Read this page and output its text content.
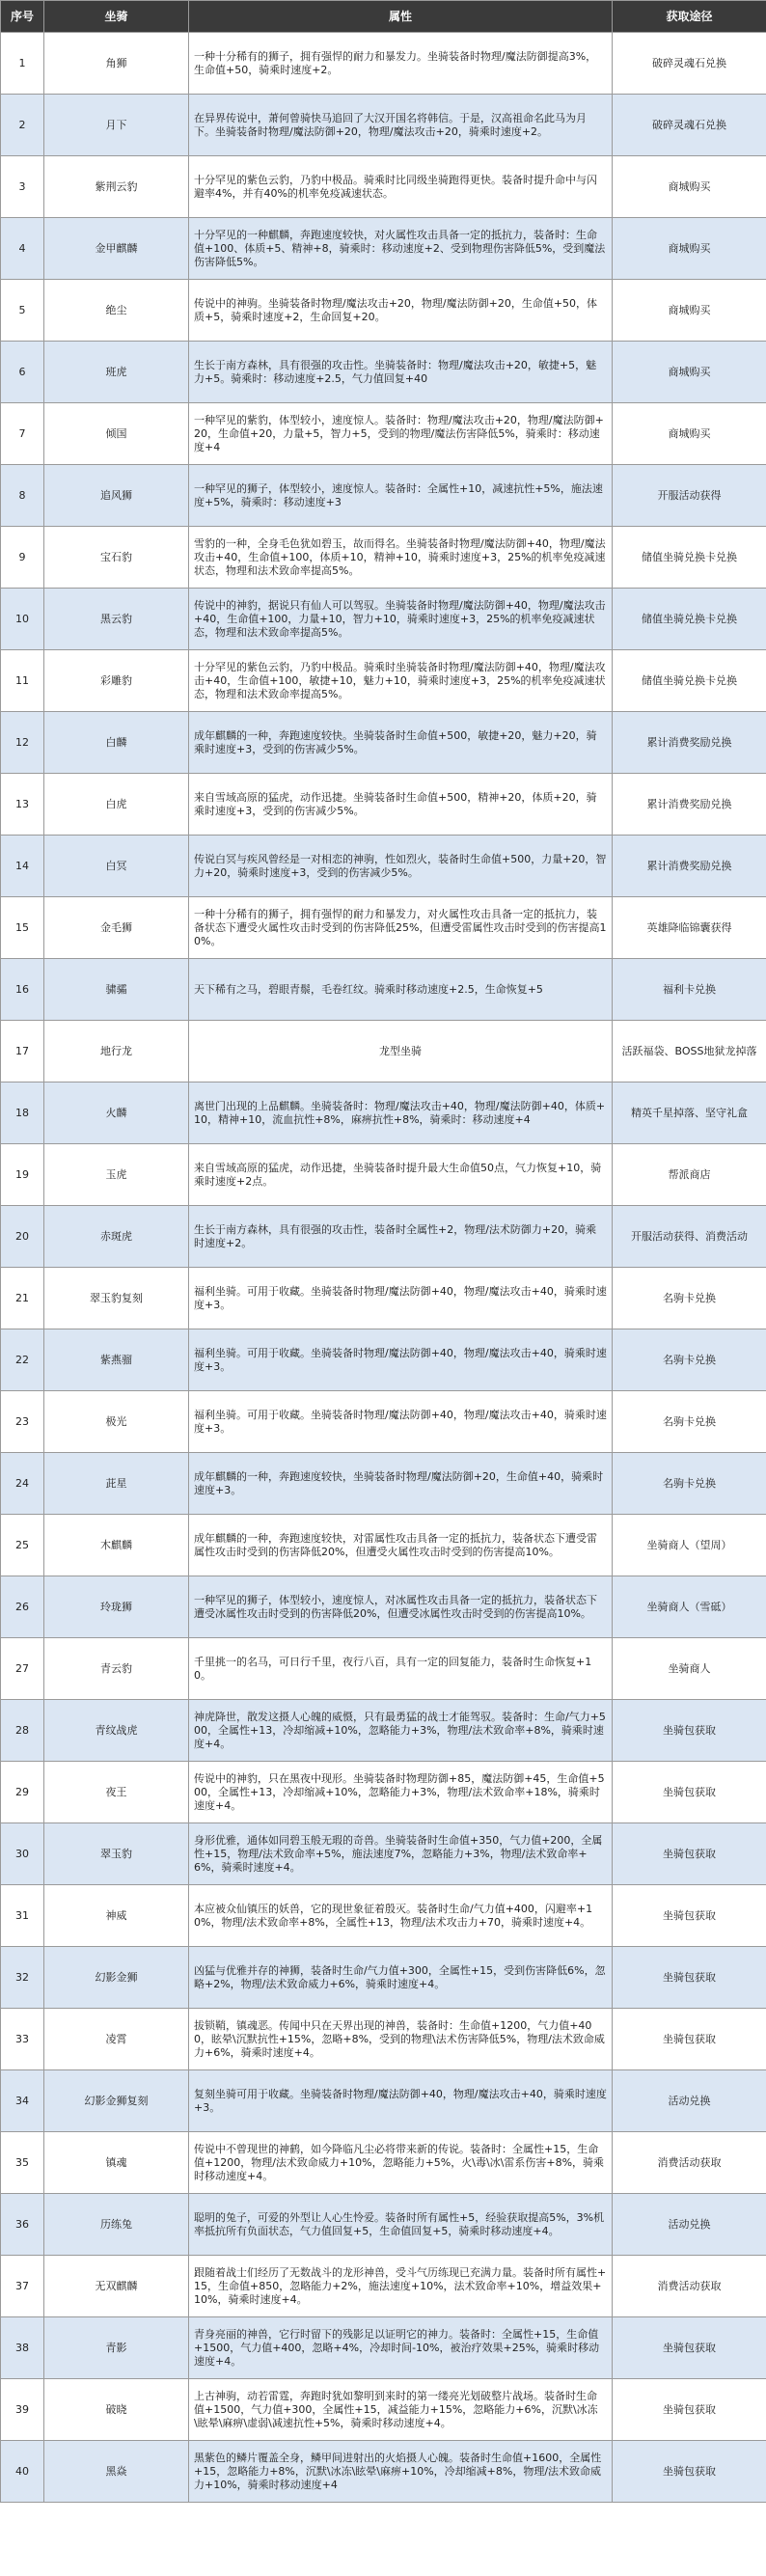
序号	坐骑	属性	获取途径
1	角狮	一种十分稀有的狮子，拥有强悍的耐力和暴发力。坐骑装备时物理/魔法防御提高3%，生命值+50，骑乘时速度+2。	破碎灵魂石兑换
2	月下	在异界传说中，萧何曾骑快马追回了大汉开国名将韩信。于是，汉高祖命名此马为月下。坐骑装备时物理/魔法防御+20，物理/魔法攻击+20，骑乘时速度+2。	破碎灵魂石兑换
3	紫荆云豹	十分罕见的紫色云豹，乃豹中极品。骑乘时比同级坐骑跑得更快。装备时提升命中与闪避率4%，并有40%的机率免疫减速状态。	商城购买
4	金甲麒麟	十分罕见的一种麒麟，奔跑速度较快，对火属性攻击具备一定的抵抗力，装备时：生命值+100、体质+5、精神+8，骑乘时：移动速度+2、受到物理伤害降低5%，受到魔法伤害降低5%。	商城购买
5	绝尘	传说中的神驹。坐骑装备时物理/魔法攻击+20，物理/魔法防御+20，生命值+50，体质+5，骑乘时速度+2，生命回复+20。	商城购买
6	班虎	生长于南方森林，具有很强的攻击性。坐骑装备时：物理/魔法攻击+20，敏捷+5，魅力+5。骑乘时：移动速度+2.5，气力值回复+40	商城购买
7	倾国	一种罕见的紫豹，体型较小，速度惊人。装备时：物理/魔法攻击+20，物理/魔法防御+20，生命值+20，力量+5，智力+5，受到的物理/魔法伤害降低5%，骑乘时：移动速度+4	商城购买
8	追风狮	一种罕见的狮子，体型较小，速度惊人。装备时：全属性+10，减速抗性+5%，施法速度+5%，骑乘时：移动速度+3	开服活动获得
9	宝石豹	雪豹的一种，全身毛色犹如碧玉，故而得名。坐骑装备时物理/魔法防御+40，物理/魔法攻击+40，生命值+100，体质+10，精神+10，骑乘时速度+3，25%的机率免疫减速状态，物理和法术致命率提高5%。	储值坐骑兑换卡兑换
10	黑云豹	传说中的神豹，据说只有仙人可以驾驭。坐骑装备时物理/魔法防御+40，物理/魔法攻击+40，生命值+100，力量+10，智力+10，骑乘时速度+3，25%的机率免疫减速状态，物理和法术致命率提高5%。	储值坐骑兑换卡兑换
11	彩雕豹	十分罕见的紫色云豹，乃豹中极品。骑乘时坐骑装备时物理/魔法防御+40，物理/魔法攻击+40，生命值+100，敏捷+10，魅力+10，骑乘时速度+3，25%的机率免疫减速状态，物理和法术致命率提高5%。	储值坐骑兑换卡兑换
12	白麟	成年麒麟的一种，奔跑速度较快。坐骑装备时生命值+500，敏捷+20，魅力+20，骑乘时速度+3，受到的伤害减少5%。	累计消费奖励兑换
13	白虎	来自雪域高原的猛虎，动作迅捷。坐骑装备时生命值+500，精神+20，体质+20，骑乘时速度+3，受到的伤害减少5%。	累计消费奖励兑换
14	白冥	传说白冥与疾风曾经是一对相恋的神驹，性如烈火，装备时生命值+500，力量+20，智力+20，骑乘时速度+3，受到的伤害减少5%。	累计消费奖励兑换
15	金毛狮	一种十分稀有的狮子，拥有强悍的耐力和暴发力，对火属性攻击具备一定的抵抗力，装备状态下遭受火属性攻击时受到的伤害降低25%，但遭受雷属性攻击时受到的伤害提高10%。	英雄降临锦囊获得
16	骕骦	天下稀有之马，碧眼青鬃，毛卷红纹。骑乘时移动速度+2.5，生命恢复+5	福利卡兑换
17	地行龙	龙型坐骑	活跃福袋、BOSS地狱龙掉落
18	火麟	离世门出现的上品麒麟。坐骑装备时：物理/魔法攻击+40，物理/魔法防御+40，体质+10，精神+10，流血抗性+8%，麻痹抗性+8%，骑乘时：移动速度+4	精英千星掉落、坚守礼盒
19	玉虎	来自雪域高原的猛虎，动作迅捷，坐骑装备时提升最大生命值50点，气力恢复+10，骑乘时速度+2点。	帮派商店
20	赤斑虎	生长于南方森林，具有很强的攻击性，装备时全属性+2，物理/法术防御力+20，骑乘时速度+2。	开服活动获得、消费活动
21	翠玉豹复刻	福利坐骑。可用于收藏。坐骑装备时物理/魔法防御+40，物理/魔法攻击+40，骑乘时速度+3。	名驹卡兑换
22	紫燕骝	福利坐骑。可用于收藏。坐骑装备时物理/魔法防御+40，物理/魔法攻击+40，骑乘时速度+3。	名驹卡兑换
23	极光	福利坐骑。可用于收藏。坐骑装备时物理/魔法防御+40，物理/魔法攻击+40，骑乘时速度+3。	名驹卡兑换
24	茈星	成年麒麟的一种，奔跑速度较快，坐骑装备时物理/魔法防御+20，生命值+40，骑乘时速度+3。	名驹卡兑换
25	木麒麟	成年麒麟的一种，奔跑速度较快，对雷属性攻击具备一定的抵抗力，装备状态下遭受雷属性攻击时受到的伤害降低20%，但遭受火属性攻击时受到的伤害提高10%。	坐骑商人（望周）
26	玲珑狮	一种罕见的狮子，体型较小，速度惊人，对冰属性攻击具备一定的抵抗力，装备状态下遭受冰属性攻击时受到的伤害降低20%，但遭受冰属性攻击时受到的伤害提高10%。	坐骑商人（雪砥）
27	青云豹	千里挑一的名马，可日行千里，夜行八百，具有一定的回复能力，装备时生命恢复+10。	坐骑商人
28	青纹战虎	神虎降世，散发这摄人心魄的威慑，只有最勇猛的战士才能驾驭。装备时：生命/气力+500，全属性+13，冷却缩减+10%，忽略能力+3%，物理/法术致命率+8%，骑乘时速度+4。	坐骑包获取
29	夜王	传说中的神豹，只在黑夜中现形。坐骑装备时物理防御+85，魔法防御+45，生命值+500，全属性+13，冷却缩减+10%，忽略能力+3%，物理/法术致命率+18%，骑乘时速度+4。	坐骑包获取
30	翠玉豹	身形优雅，通体如同碧玉般无瑕的奇兽。坐骑装备时生命值+350，气力值+200，全属性+15，物理/法术致命率+5%，施法速度7%，忽略能力+3%，物理/法术致命率+6%，骑乘时速度+4。	坐骑包获取
31	神威	本应被众仙镇压的妖兽，它的现世象征着殷灭。装备时生命/气力值+400，闪避率+10%，物理/法术致命率+8%，全属性+13，物理/法术攻击力+70，骑乘时速度+4。	坐骑包获取
32	幻影金狮	凶猛与优雅并存的神狮，装备时生命/气力值+300，全属性+15，受到伤害降低6%，忽略+2%，物理/法术致命威力+6%，骑乘时速度+4。	坐骑包获取
33	凌霄	拔锁鞘，镇魂恶。传闻中只在天界出现的神兽，装备时：生命值+1200，气力值+400，眩晕\沉默抗性+15%，忽略+8%，受到的物理\法术伤害降低5%，物理/法术致命威力+6%，骑乘时速度+4。	坐骑包获取
34	幻影金狮复刻	复刻坐骑可用于收藏。坐骑装备时物理/魔法防御+40，物理/魔法攻击+40，骑乘时速度+3。	活动兑换
35	镇魂	传说中不曾现世的神鹤，如今降临凡尘必将带来新的传说。装备时：全属性+15，生命值+1200，物理/法术致命威力+10%，忽略能力+5%，火\毒\冰\雷系伤害+8%，骑乘时移动速度+4。	消费活动获取
36	历练兔	聪明的兔子，可爱的外型让人心生怜爱。装备时所有属性+5，经验获取提高5%，3%机率抵抗所有负面状态，气力值回复+5，生命值回复+5，骑乘时移动速度+4。	活动兑换
37	无双麒麟	跟随着战士们经历了无数战斗的龙形神兽，受斗气历练现已充满力量。装备时所有属性+15，生命值+850，忽略能力+2%，施法速度+10%，法术致命率+10%，增益效果+10%，骑乘时速度+4。	消费活动获取
38	青影	青身亮丽的神兽，它行时留下的残影足以证明它的神力。装备时：全属性+15，生命值+1500，气力值+400，忽略+4%，冷却时间-10%，被治疗效果+25%，骑乘时移动速度+4。	坐骑包获取
39	破晓	上古神驹，动若雷霆，奔跑时犹如黎明到来时的第一缕亮光划破整片战场。装备时生命值+1500，气力值+300，全属性+15，减益能力+15%，忽略能力+6%，沉默\冰冻\眩晕\麻痹\虚弱\减速抗性+5%，骑乘时移动速度+4。	坐骑包获取
40	黑焱	黑紫色的鳞片覆盖全身，鳞甲间进射出的火焰摄人心魄。装备时生命值+1600，全属性+15，忽略能力+8%，沉默\冰冻\眩晕\麻痹+10%，冷却缩减+8%，物理/法术致命威力+10%，骑乘时移动速度+4	坐骑包获取
